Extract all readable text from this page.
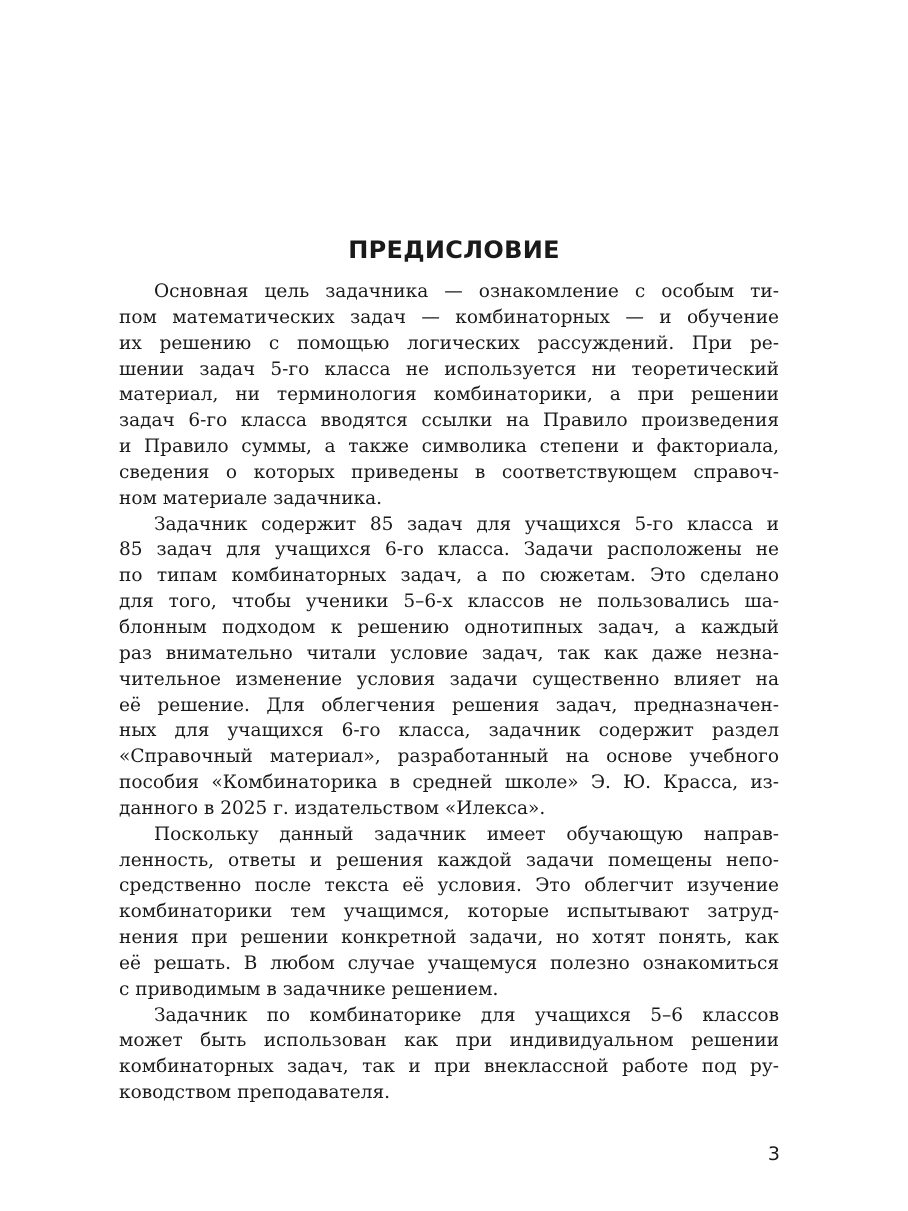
ПРЕДИСЛОВИЕ
Основная цель задачника — ознакомление с особым ти-
пом математических задач — комбинаторных — и обучение
их решению с помощью логических рассуждений. При ре-
шении задач 5-го класса не используется ни теоретический
материал, ни терминология комбинаторики, а при решении
задач 6-го класса вводятся ссылки на Правило произведения
и Правило суммы, а также символика степени и факториала,
сведения о которых приведены в соответствующем справоч-
ном материале задачника.
Задачник содержит 85 задач для учащихся 5-го класса и
85 задач для учащихся 6-го класса. Задачи расположены не
по типам комбинаторных задач, а по сюжетам. Это сделано
для того, чтобы ученики 5–6-х классов не пользовались ша-
блонным подходом к решению однотипных задач, а каждый
раз внимательно читали условие задач, так как даже незна-
чительное изменение условия задачи существенно влияет на
её решение. Для облегчения решения задач, предназначен-
ных для учащихся 6-го класса, задачник содержит раздел
«Справочный материал», разработанный на основе учебного
пособия «Комбинаторика в средней школе» Э. Ю. Красса, из-
данного в 2025 г. издательством «Илекса».
Поскольку данный задачник имеет обучающую направ-
ленность, ответы и решения каждой задачи помещены непо-
средственно после текста её условия. Это облегчит изучение
комбинаторики тем учащимся, которые испытывают затруд-
нения при решении конкретной задачи, но хотят понять, как
её решать. В любом случае учащемуся полезно ознакомиться
с приводимым в задачнике решением.
Задачник по комбинаторике для учащихся 5–6 классов
может быть использован как при индивидуальном решении
комбинаторных задач, так и при внеклассной работе под ру-
ководством преподавателя.
3
